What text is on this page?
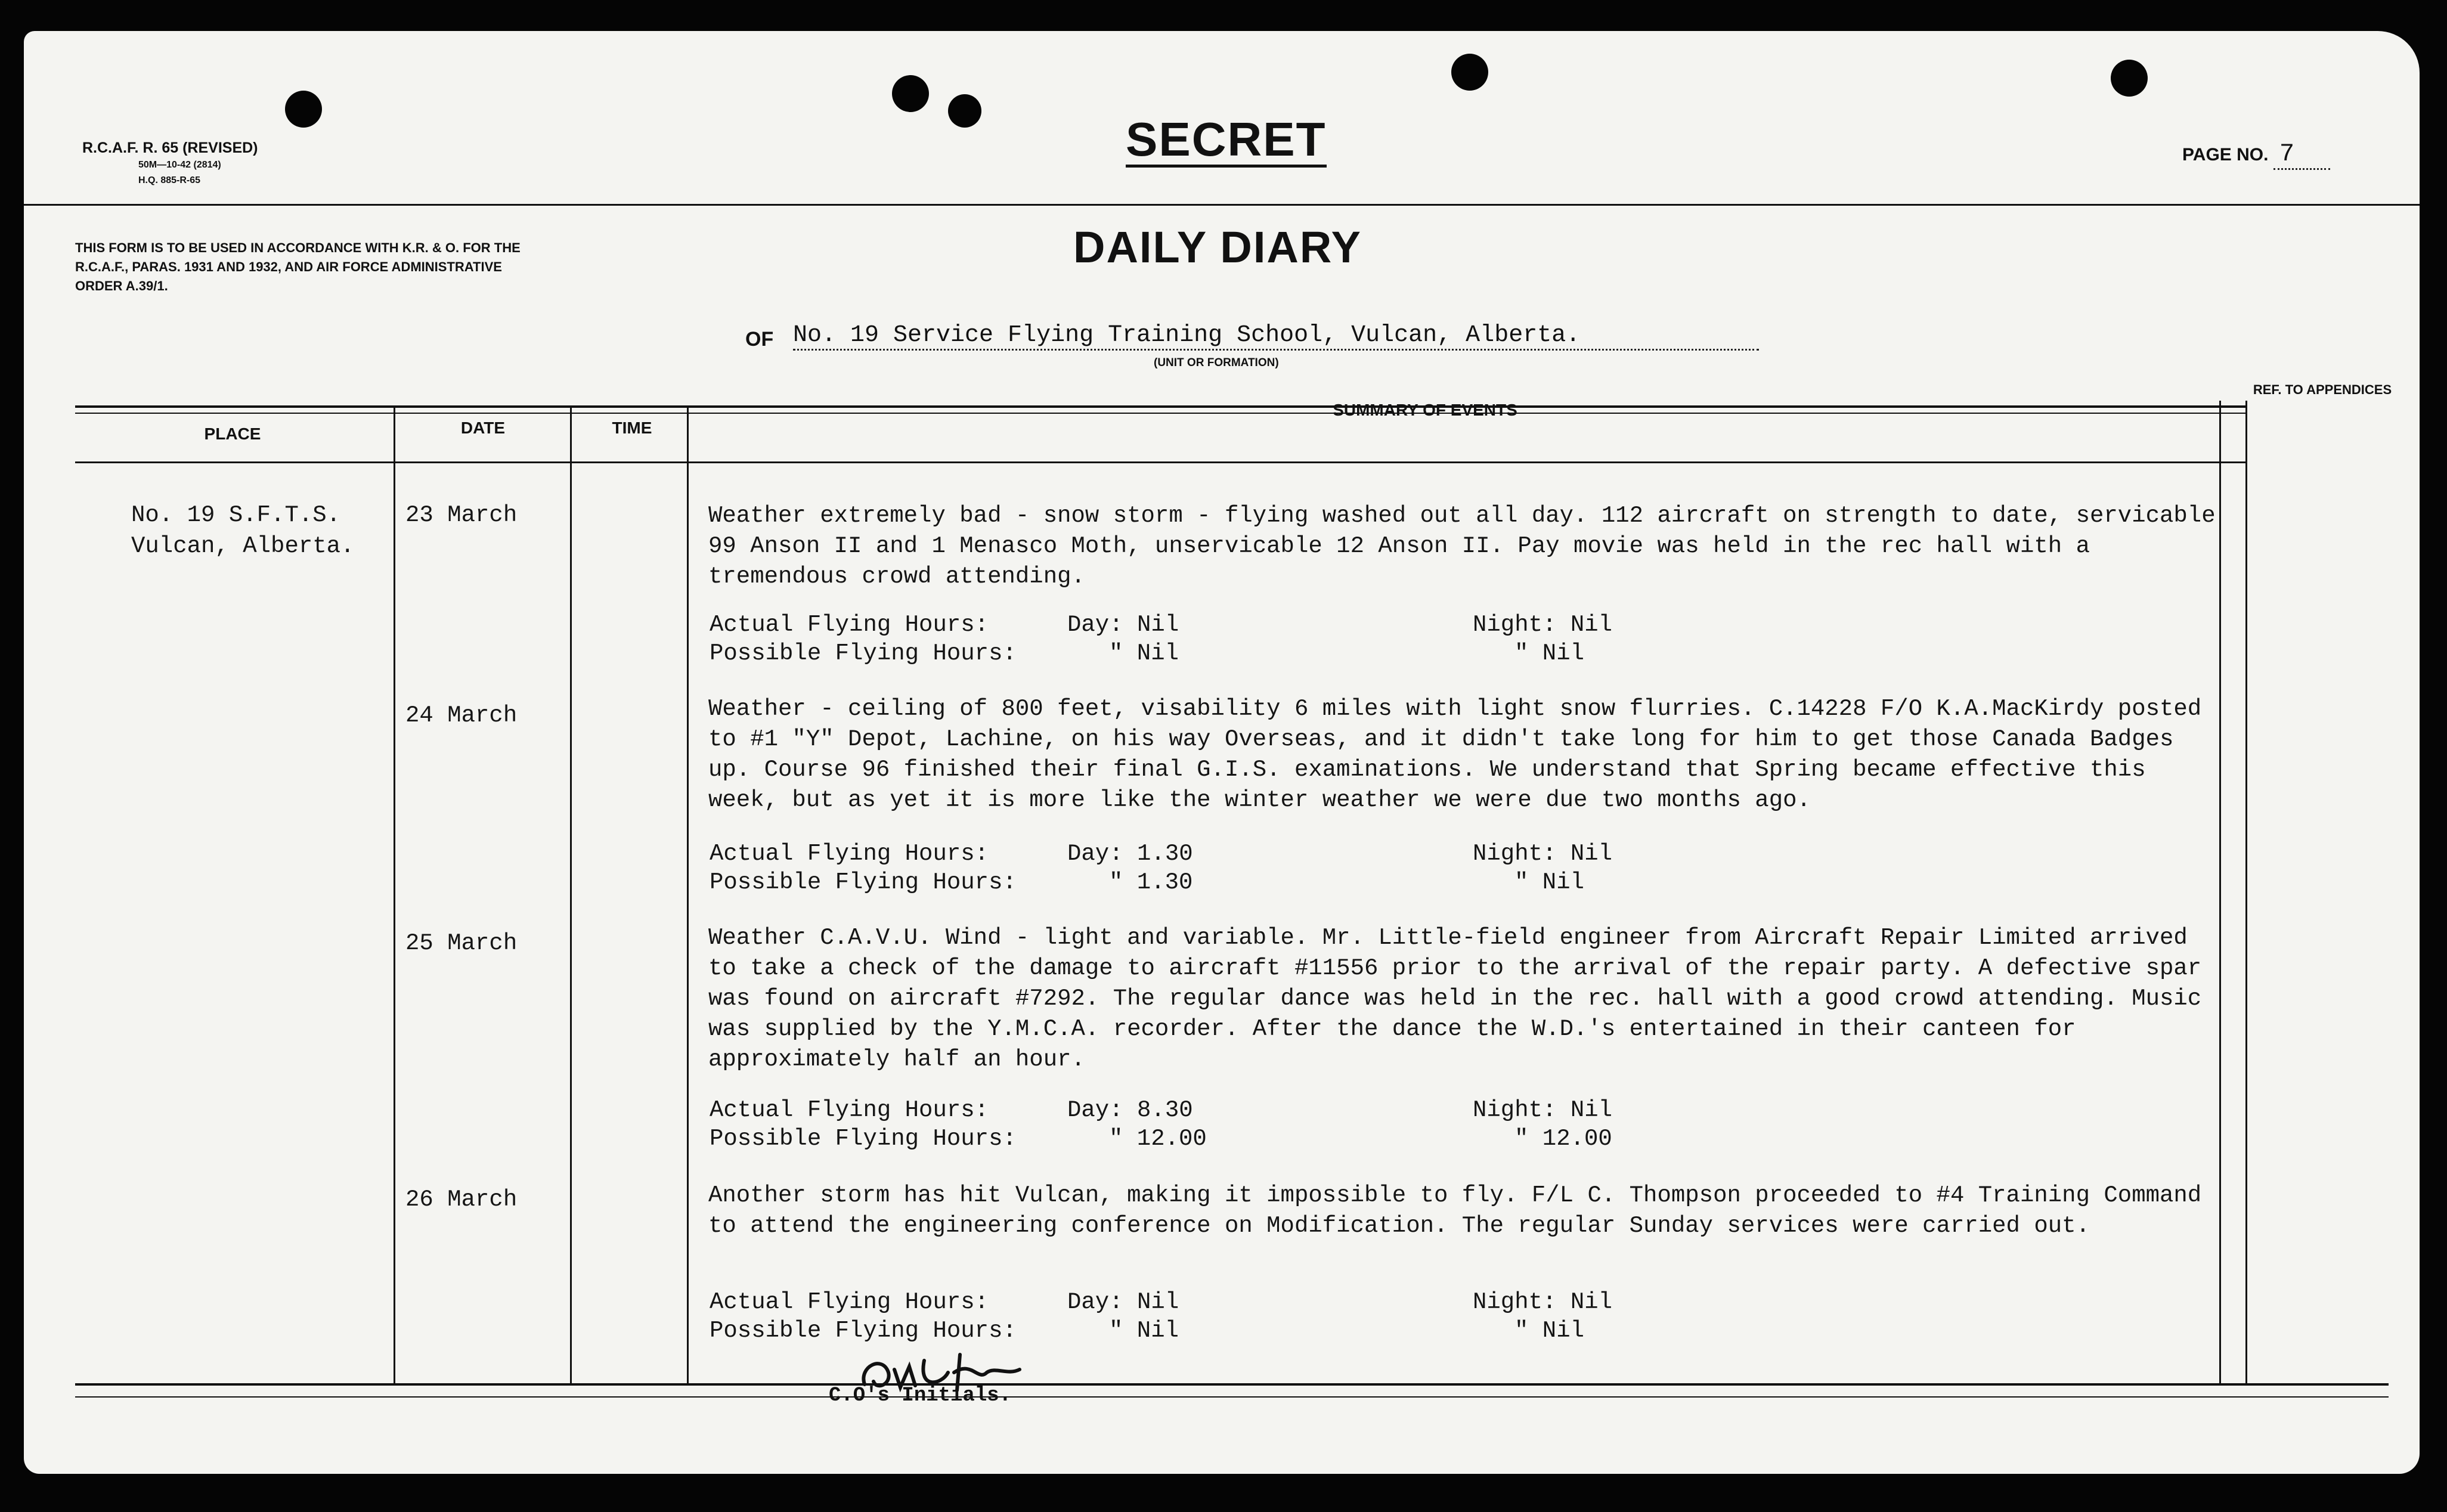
R.C.A.F. R. 65 (REVISED)
50M—10-42 (2814)
H.Q. 885-R-65
SECRET	PAGE NO. 7
THIS FORM IS TO BE USED IN ACCORDANCE WITH K.R. & O. FOR THE R.C.A.F., PARAS. 1931 AND 1932, AND AIR FORCE ADMINISTRATIVE ORDER A.39/1.
DAILY DIARY
OF No. 19 Service Flying Training School, Vulcan, Alberta.
(UNIT OR FORMATION)
PLACE	DATE	TIME
SUMMARY OF EVENTS
REF. TO APPENDICES
No. 19 S.F.T.S.
Vulcan, Alberta.
23 March	Weather extremely bad - snow storm - flying washed out all day. 112 aircraft on strength to date, servicable 99 Anson II and 1 Menasco Moth, unservicable 12 Anson II. Pay movie was held in the rec hall with a tremendous crowd attending.
Actual Flying Hours:	Day: Nil	Night: Nil
Possible Flying Hours:	" Nil	" Nil
24 March	Weather - ceiling of 800 feet, visability 6 miles with light snow flurries. C.14228 F/O K.A.MacKirdy posted to #1 "Y" Depot, Lachine, on his way Overseas, and it didn't take long for him to get those Canada Badges up. Course 96 finished their final G.I.S. examinations. We understand that Spring became effective this week, but as yet it is more like the winter weather we were due two months ago.
Actual Flying Hours:	Day: 1.30	Night: Nil
Possible Flying Hours:	" 1.30	" Nil
25 March	Weather C.A.V.U. Wind - light and variable. Mr. Little-field engineer from Aircraft Repair Limited arrived to take a check of the damage to aircraft #11556 prior to the arrival of the repair party. A defective spar was found on aircraft #7292. The regular dance was held in the rec. hall with a good crowd attending. Music was supplied by the Y.M.C.A. recorder. After the dance the W.D.'s entertained in their canteen for approximately half an hour.
Actual Flying Hours:	Day: 8.30	Night: Nil
Possible Flying Hours:	" 12.00	" 12.00
26 March	Another storm has hit Vulcan, making it impossible to fly. F/L C. Thompson proceeded to #4 Training Command to attend the engineering conference on Modification. The regular Sunday services were carried out.
Actual Flying Hours:	Day: Nil	Night: Nil
Possible Flying Hours:	" Nil	" Nil
C.O's Initials.
